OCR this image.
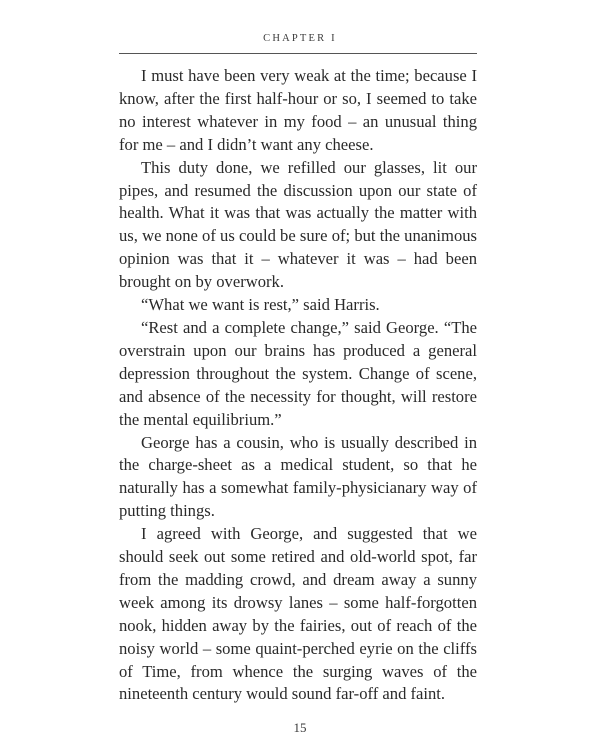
CHAPTER I

I must have been very weak at the time; because I know, after the first half-hour or so, I seemed to take no interest whatever in my food – an unusual thing for me – and I didn’t want any cheese.

This duty done, we refilled our glasses, lit our pipes, and resumed the discussion upon our state of health. What it was that was actually the matter with us, we none of us could be sure of; but the unanimous opinion was that it – whatever it was – had been brought on by overwork.

“What we want is rest,” said Harris.

“Rest and a complete change,” said George. “The overstrain upon our brains has produced a general depression throughout the system. Change of scene, and absence of the necessity for thought, will restore the mental equilibrium.”

George has a cousin, who is usually described in the charge-sheet as a medical student, so that he naturally has a somewhat family-physicianary way of putting things.

I agreed with George, and suggested that we should seek out some retired and old-world spot, far from the madding crowd, and dream away a sunny week among its drowsy lanes – some half-forgotten nook, hidden away by the fairies, out of reach of the noisy world – some quaint-perched eyrie on the cliffs of Time, from whence the surging waves of the nineteenth century would sound far-off and faint.

15
